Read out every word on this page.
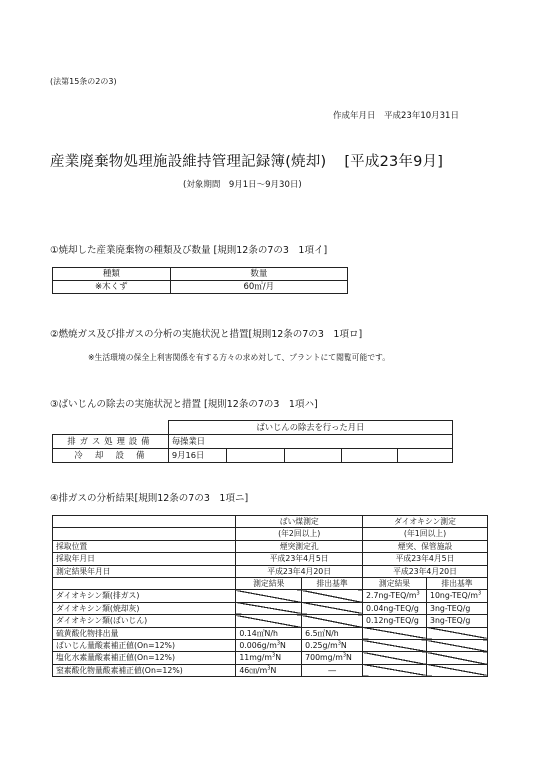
(法第15条の2の3)
作成年月日　平成23年10月31日
産業廃棄物処理施設維持管理記録簿(焼却) [平成23年9月]
(対象期間　9月1日～9月30日)
①焼却した産業廃棄物の種類及び数量 [規則12条の7の3　1項イ]
種類	数量
※木くず	60㎥/月
②燃焼ガス及び排ガスの分析の実施状況と措置[規則12条の7の3　1項ロ]
※生活環境の保全上利害関係を有する方々の求め対して、プラントにて閲覧可能です。
③ばいじんの除去の実施状況と措置 [規則12条の7の3　1項ハ]
	ばいじんの除去を行った月日				
排ガス処理設備	毎操業日				
冷　却　設　備	9月16日				
④排ガスの分析結果[規則12条の7の3　1項ニ]
	ばい煤測定		ダイオキシン測定	
	(年2回以上)		(年1回以上)	
採取位置	煙突測定孔		煙突、保管施設	
採取年月日	平成23年4月5日		平成23年4月5日	
測定結果年月日	平成23年4月20日		平成23年4月20日	
	測定結果	排出基準	測定結果	排出基準
ダイオキシン類(排ガス)			$2.7ng-TEQ/m^3$	$10ng-TEQ/m^3$
ダイオキシン類(焼却灰)			0.04ng-TEQ/g	3ng-TEQ/g
ダイオキシン類(ばいじん)			0.12ng-TEQ/g	3ng-TEQ/g
硫黄酸化物排出量	0.14㎥N/h	6.5㎥N/h		
ばいじん量酸素補正値(On=12%)	$0.006g/m^3N$	$0.25g/m^3N$		
塩化水素量酸素補正値(On=12%)	$11mg/m^3N$	$700mg/m^3N$		
窒素酸化物量酸素補正値(On=12%)	$46㎝/m^3N$	―		
